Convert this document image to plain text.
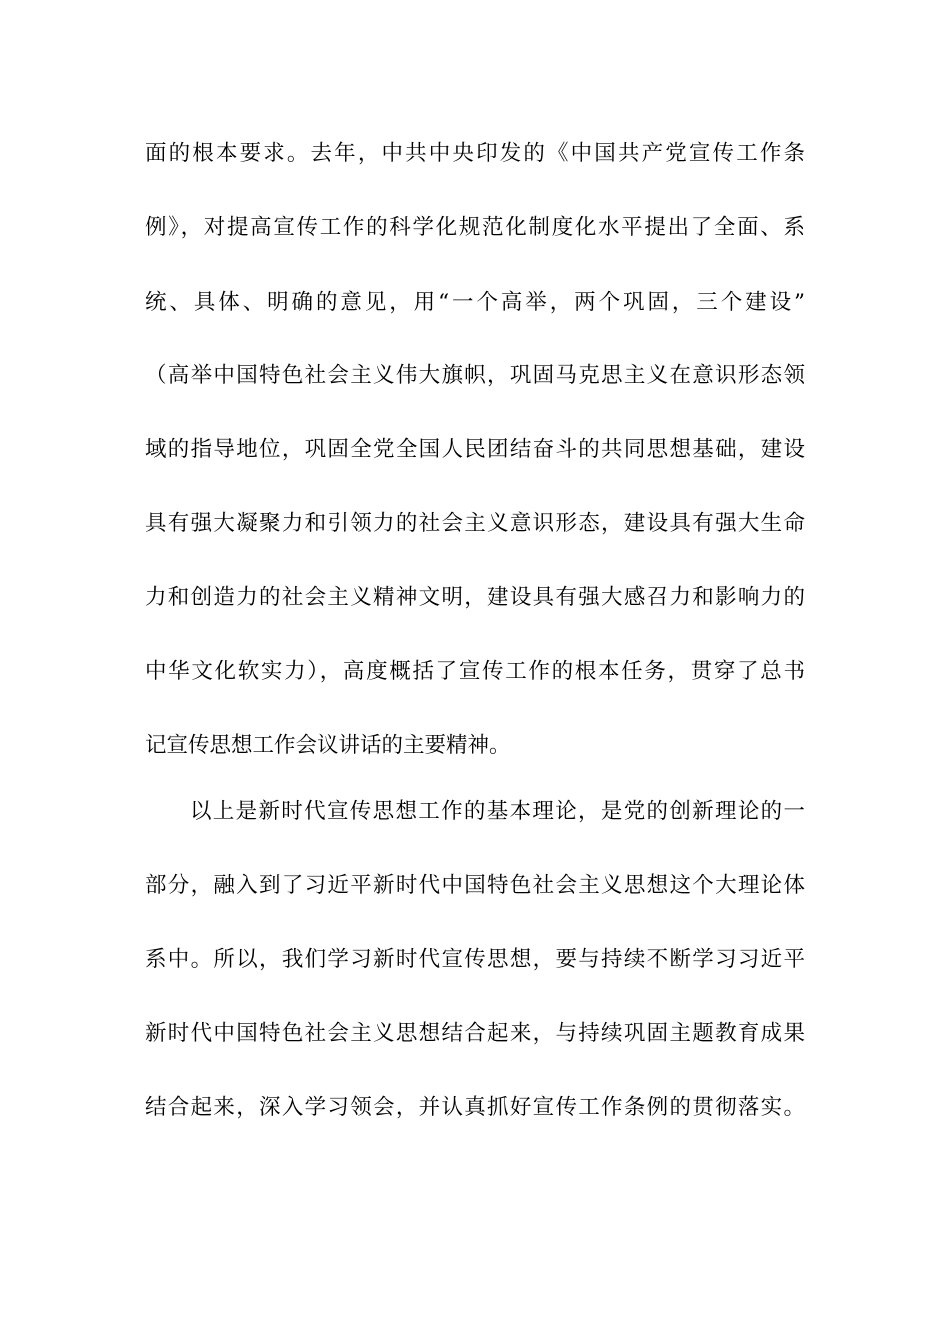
面的根本要求。去年，中共中央印发的《中国共产党宣传工作条
例》，对提高宣传工作的科学化规范化制度化水平提出了全面、系
统、具体、明确的意见，用“一个高举，两个巩固，三个建设”
（高举中国特色社会主义伟大旗帜，巩固马克思主义在意识形态领
域的指导地位，巩固全党全国人民团结奋斗的共同思想基础，建设
具有强大凝聚力和引领力的社会主义意识形态，建设具有强大生命
力和创造力的社会主义精神文明，建设具有强大感召力和影响力的
中华文化软实力），高度概括了宣传工作的根本任务，贯穿了总书
记宣传思想工作会议讲话的主要精神。
以上是新时代宣传思想工作的基本理论，是党的创新理论的一
部分，融入到了习近平新时代中国特色社会主义思想这个大理论体
系中。所以，我们学习新时代宣传思想，要与持续不断学习习近平
新时代中国特色社会主义思想结合起来，与持续巩固主题教育成果
结合起来，深入学习领会，并认真抓好宣传工作条例的贯彻落实。
